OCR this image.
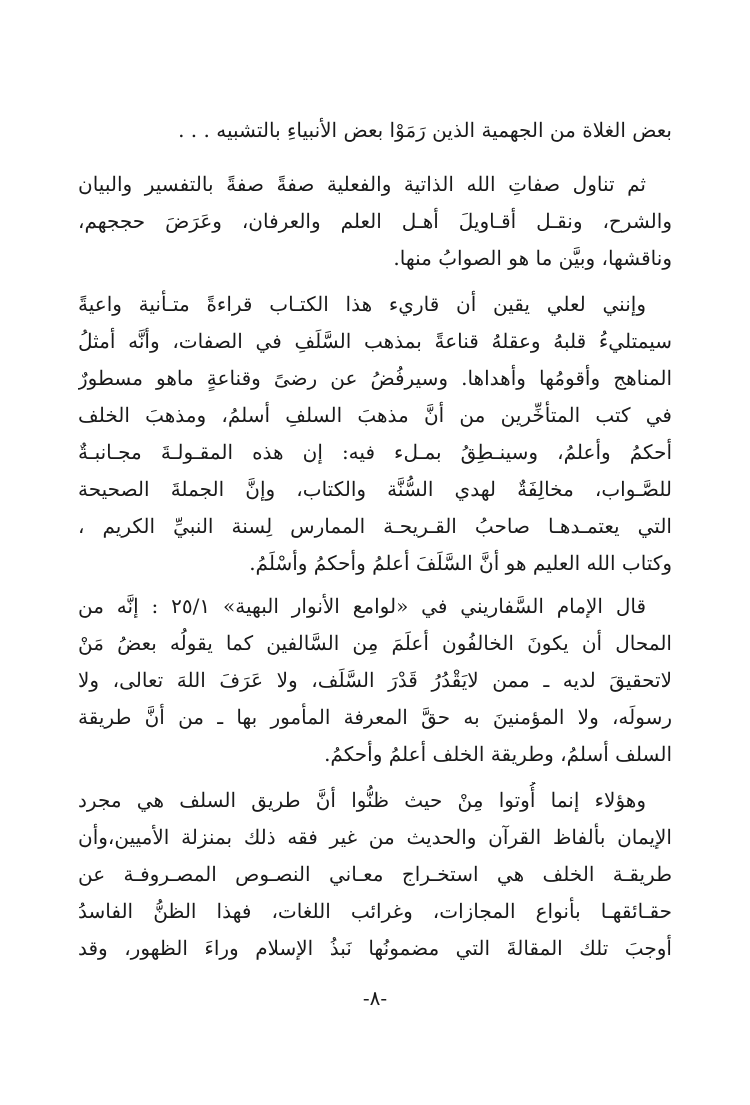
بعض الغلاة من الجهمية الذين رَمَوْا بعض الأنبياءِ بالتشبيه . . .
ثم تناول صفاتِ الله الذاتية والفعلية صفةً صفةً بالتفسير والبيان
والشرح، ونقـل أقـاويلَ أهـل العلم والعرفان، وعَرَضَ حججهم،
وناقشها، وبيَّن ما هو الصوابُ منها.
وإنني لعلي يقين أن قاريء هذا الكتـاب قراءةً متـأنية واعيةً
سيمتليءُ قلبهُ وعقلهُ قناعةً بمذهب السَّلَفِ في الصفات، وأنَّه أمثلُ
المناهج وأقومُها وأهداها. وسيرفُضُ عن رضىً وقناعةٍ ماهو مسطورٌ
في كتب المتأخِّرين من أنَّ مذهبَ السلفِ أسلمُ، ومذهبَ الخلف
أحكمُ وأعلمُ، وسينـطِقُ بمـلء فيه: إن هذه المقـولـةَ مجـانبـةٌ
للصَّـواب، مخالِفَةٌ لهدي السُّنَّة والكتاب، وإنَّ الجملةَ الصحيحة
التي يعتمـدهـا صاحبُ القـريحـة الممارس لِسنة النبيِّ الكريم ،
وكتاب الله العليم هو أنَّ السَّلَفَ أعلمُ وأحكمُ وأسْلَمُ.
قال الإمام السَّفاريني في «لوامع الأنوار البهية» ٢٥/١ : إنَّه من
المحال أن يكونَ الخالفُون أعلَمَ مِن السَّالفين كما يقولُه بعضُ مَنْ
لاتحقيقَ لديه ـ ممن لايَقْدُرُ قَدْرَ السَّلَف، ولا عَرَفَ اللهَ تعالى، ولا
رسولَه، ولا المؤمنينَ به حقَّ المعرفة المأمور بها ـ من أنَّ طريقة
السلف أسلمُ، وطريقة الخلف أعلمُ وأحكمُ.
وهؤلاء إنما أُوتوا مِنْ حيث ظنُّوا أنَّ طريق السلف هي مجرد
الإيمان بألفاظ القرآن والحديث من غير فقه ذلك بمنزلة الأميين،وأن
طريقـة الخلف هي استخـراج معـاني النصـوص المصـروفـة عن
حقـائقهـا بأنواع المجازات، وغرائب اللغات، فهذا الظنُّ الفاسدُ
أوجبَ تلك المقالةَ التي مضمونُها نَبذُ الإسلام وراءَ الظهور، وقد
-٨-
